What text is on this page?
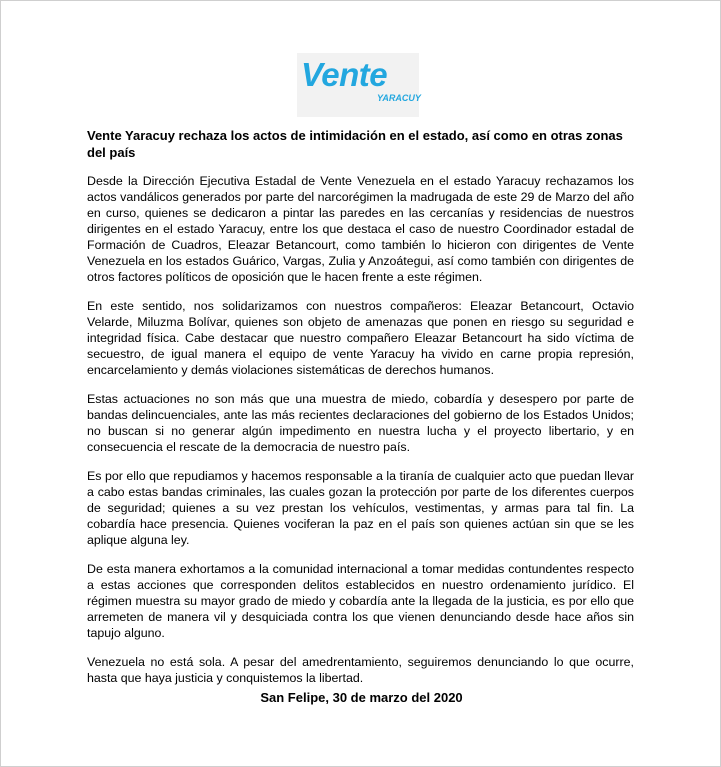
Vente
YARACUY

Vente Yaracuy rechaza los actos de intimidación en el estado, así como en otras zonas del país

Desde la Dirección Ejecutiva Estadal de Vente Venezuela en el estado Yaracuy rechazamos los actos vandálicos generados por parte del narcorégimen la madrugada de este 29 de Marzo del año en curso, quienes se dedicaron a pintar las paredes en las cercanías y residencias de nuestros dirigentes en el estado Yaracuy, entre los que destaca el caso de nuestro Coordinador estadal de Formación de Cuadros, Eleazar Betancourt, como también lo hicieron con dirigentes de Vente Venezuela en los estados Guárico, Vargas, Zulia y Anzoátegui, así como también con dirigentes de otros factores políticos de oposición que le hacen frente a este régimen.

En este sentido, nos solidarizamos con nuestros compañeros: Eleazar Betancourt, Octavio Velarde, Miluzma Bolívar, quienes son objeto de amenazas que ponen en riesgo su seguridad e integridad física. Cabe destacar que nuestro compañero Eleazar Betancourt ha sido víctima de secuestro, de igual manera el equipo de vente Yaracuy ha vivido en carne propia represión, encarcelamiento y demás violaciones sistemáticas de derechos humanos.

Estas actuaciones no son más que una muestra de miedo, cobardía y desespero por parte de bandas delincuenciales, ante las más recientes declaraciones del gobierno de los Estados Unidos; no buscan si no generar algún impedimento en nuestra lucha y el proyecto libertario, y en consecuencia el rescate de la democracia de nuestro país.

Es por ello que repudiamos y hacemos responsable a la tiranía de cualquier acto que puedan llevar a cabo estas bandas criminales, las cuales gozan la protección por parte de los diferentes cuerpos de seguridad; quienes a su vez prestan los vehículos, vestimentas, y armas para tal fin. La cobardía hace presencia. Quienes vociferan la paz en el país son quienes actúan sin que se les aplique alguna ley.

De esta manera exhortamos a la comunidad internacional a tomar medidas contundentes respecto a estas acciones que corresponden delitos establecidos en nuestro ordenamiento jurídico. El régimen muestra su mayor grado de miedo y cobardía ante la llegada de la justicia, es por ello que arremeten de manera vil y desquiciada contra los que vienen denunciando desde hace años sin tapujo alguno.

Venezuela no está sola. A pesar del amedrentamiento, seguiremos denunciando lo que ocurre, hasta que haya justicia y conquistemos la libertad.

San Felipe, 30 de marzo del 2020
